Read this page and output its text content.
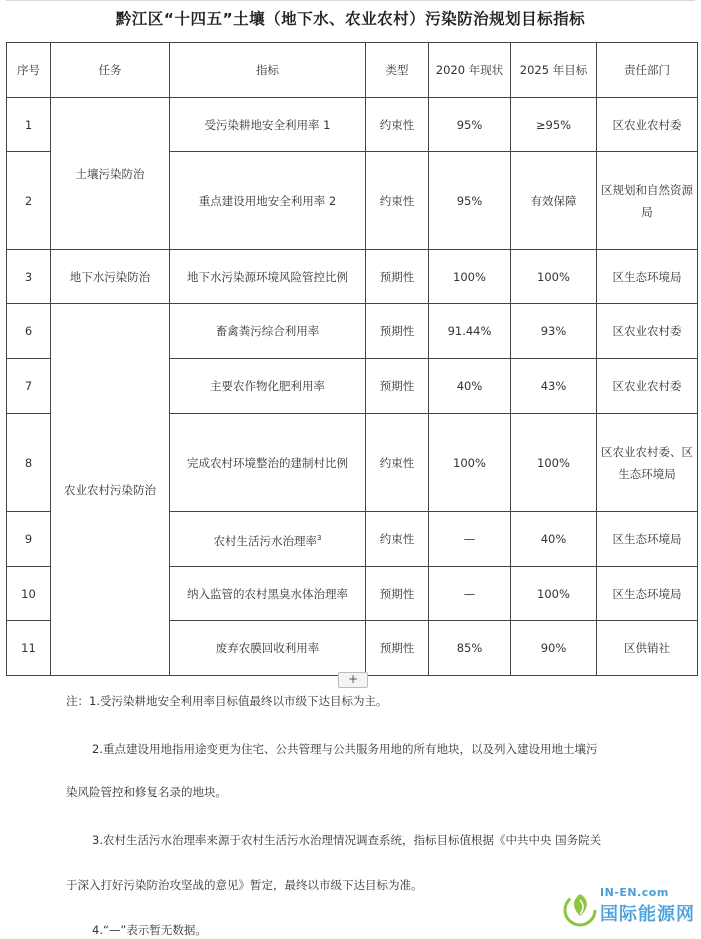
黔江区“十四五”土壤（地下水、农业农村）污染防治规划目标指标
序号	任务	指标	类型	2020 年现状	2025 年目标	责任部门
1	土壤污染防治	受污染耕地安全利用率 1	约束性	95%	≥95%	区农业农村委
2		重点建设用地安全利用率 2	约束性	95%	有效保障	区规划和自然资源局
3	地下水污染防治	地下水污染源环境风险管控比例	预期性	100%	100%	区生态环境局
6	农业农村污染防治	畜禽粪污综合利用率	预期性	91.44%	93%	区农业农村委
7		主要农作物化肥利用率	预期性	40%	43%	区农业农村委
8		完成农村环境整治的建制村比例	约束性	100%	100%	区农业农村委、区生态环境局
9		农村生活污水治理率$^3$	约束性	—	40%	区生态环境局
10		纳入监管的农村黑臭水体治理率	预期性	—	100%	区生态环境局
11		废弃农膜回收利用率	预期性	85%	90%	区供销社
+
注：1.受污染耕地安全利用率目标值最终以市级下达目标为主。
2.重点建设用地指用途变更为住宅、公共管理与公共服务用地的所有地块，以及列入建设用地土壤污
染风险管控和修复名录的地块。
3.农村生活污水治理率来源于农村生活污水治理情况调查系统，指标目标值根据《中共中央 国务院关
于深入打好污染防治攻坚战的意见》暂定，最终以市级下达目标为准。
4.“—”表示暂无数据。
IN-EN.com
国际能源网
